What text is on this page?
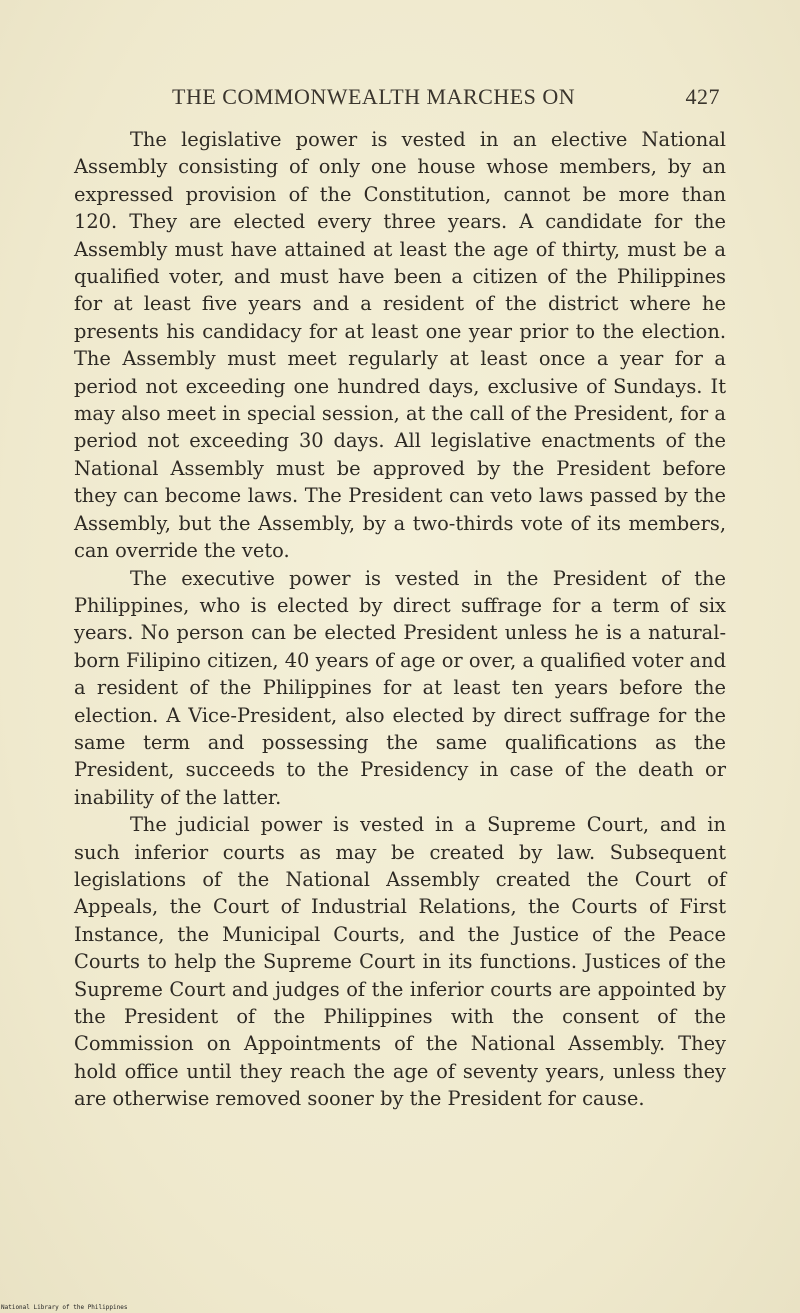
THE COMMONWEALTH MARCHES ON	427

The legislative power is vested in an elective National Assembly consisting of only one house whose members, by an expressed provision of the Constitution, cannot be more than 120. They are elected every three years. A candidate for the Assembly must have attained at least the age of thirty, must be a qualified voter, and must have been a citizen of the Philippines for at least five years and a resident of the district where he presents his candidacy for at least one year prior to the election. The Assembly must meet regularly at least once a year for a period not exceeding one hundred days, exclusive of Sundays. It may also meet in special session, at the call of the President, for a period not exceeding 30 days. All legislative enactments of the National Assembly must be approved by the President before they can become laws. The President can veto laws passed by the Assembly, but the Assembly, by a two-thirds vote of its members, can override the veto.

The executive power is vested in the President of the Philippines, who is elected by direct suffrage for a term of six years. No person can be elected President unless he is a natural-born Filipino citizen, 40 years of age or over, a qualified voter and a resident of the Philippines for at least ten years before the election. A Vice-President, also elected by direct suffrage for the same term and possessing the same qualifications as the President, succeeds to the Presidency in case of the death or inability of the latter.

The judicial power is vested in a Supreme Court, and in such inferior courts as may be created by law. Subsequent legislations of the National Assembly created the Court of Appeals, the Court of Industrial Relations, the Courts of First Instance, the Municipal Courts, and the Justice of the Peace Courts to help the Supreme Court in its functions. Justices of the Supreme Court and judges of the inferior courts are appointed by the President of the Philippines with the consent of the Commission on Appointments of the National Assembly. They hold office until they reach the age of seventy years, unless they are otherwise removed sooner by the President for cause.

National Library of the Philippines
